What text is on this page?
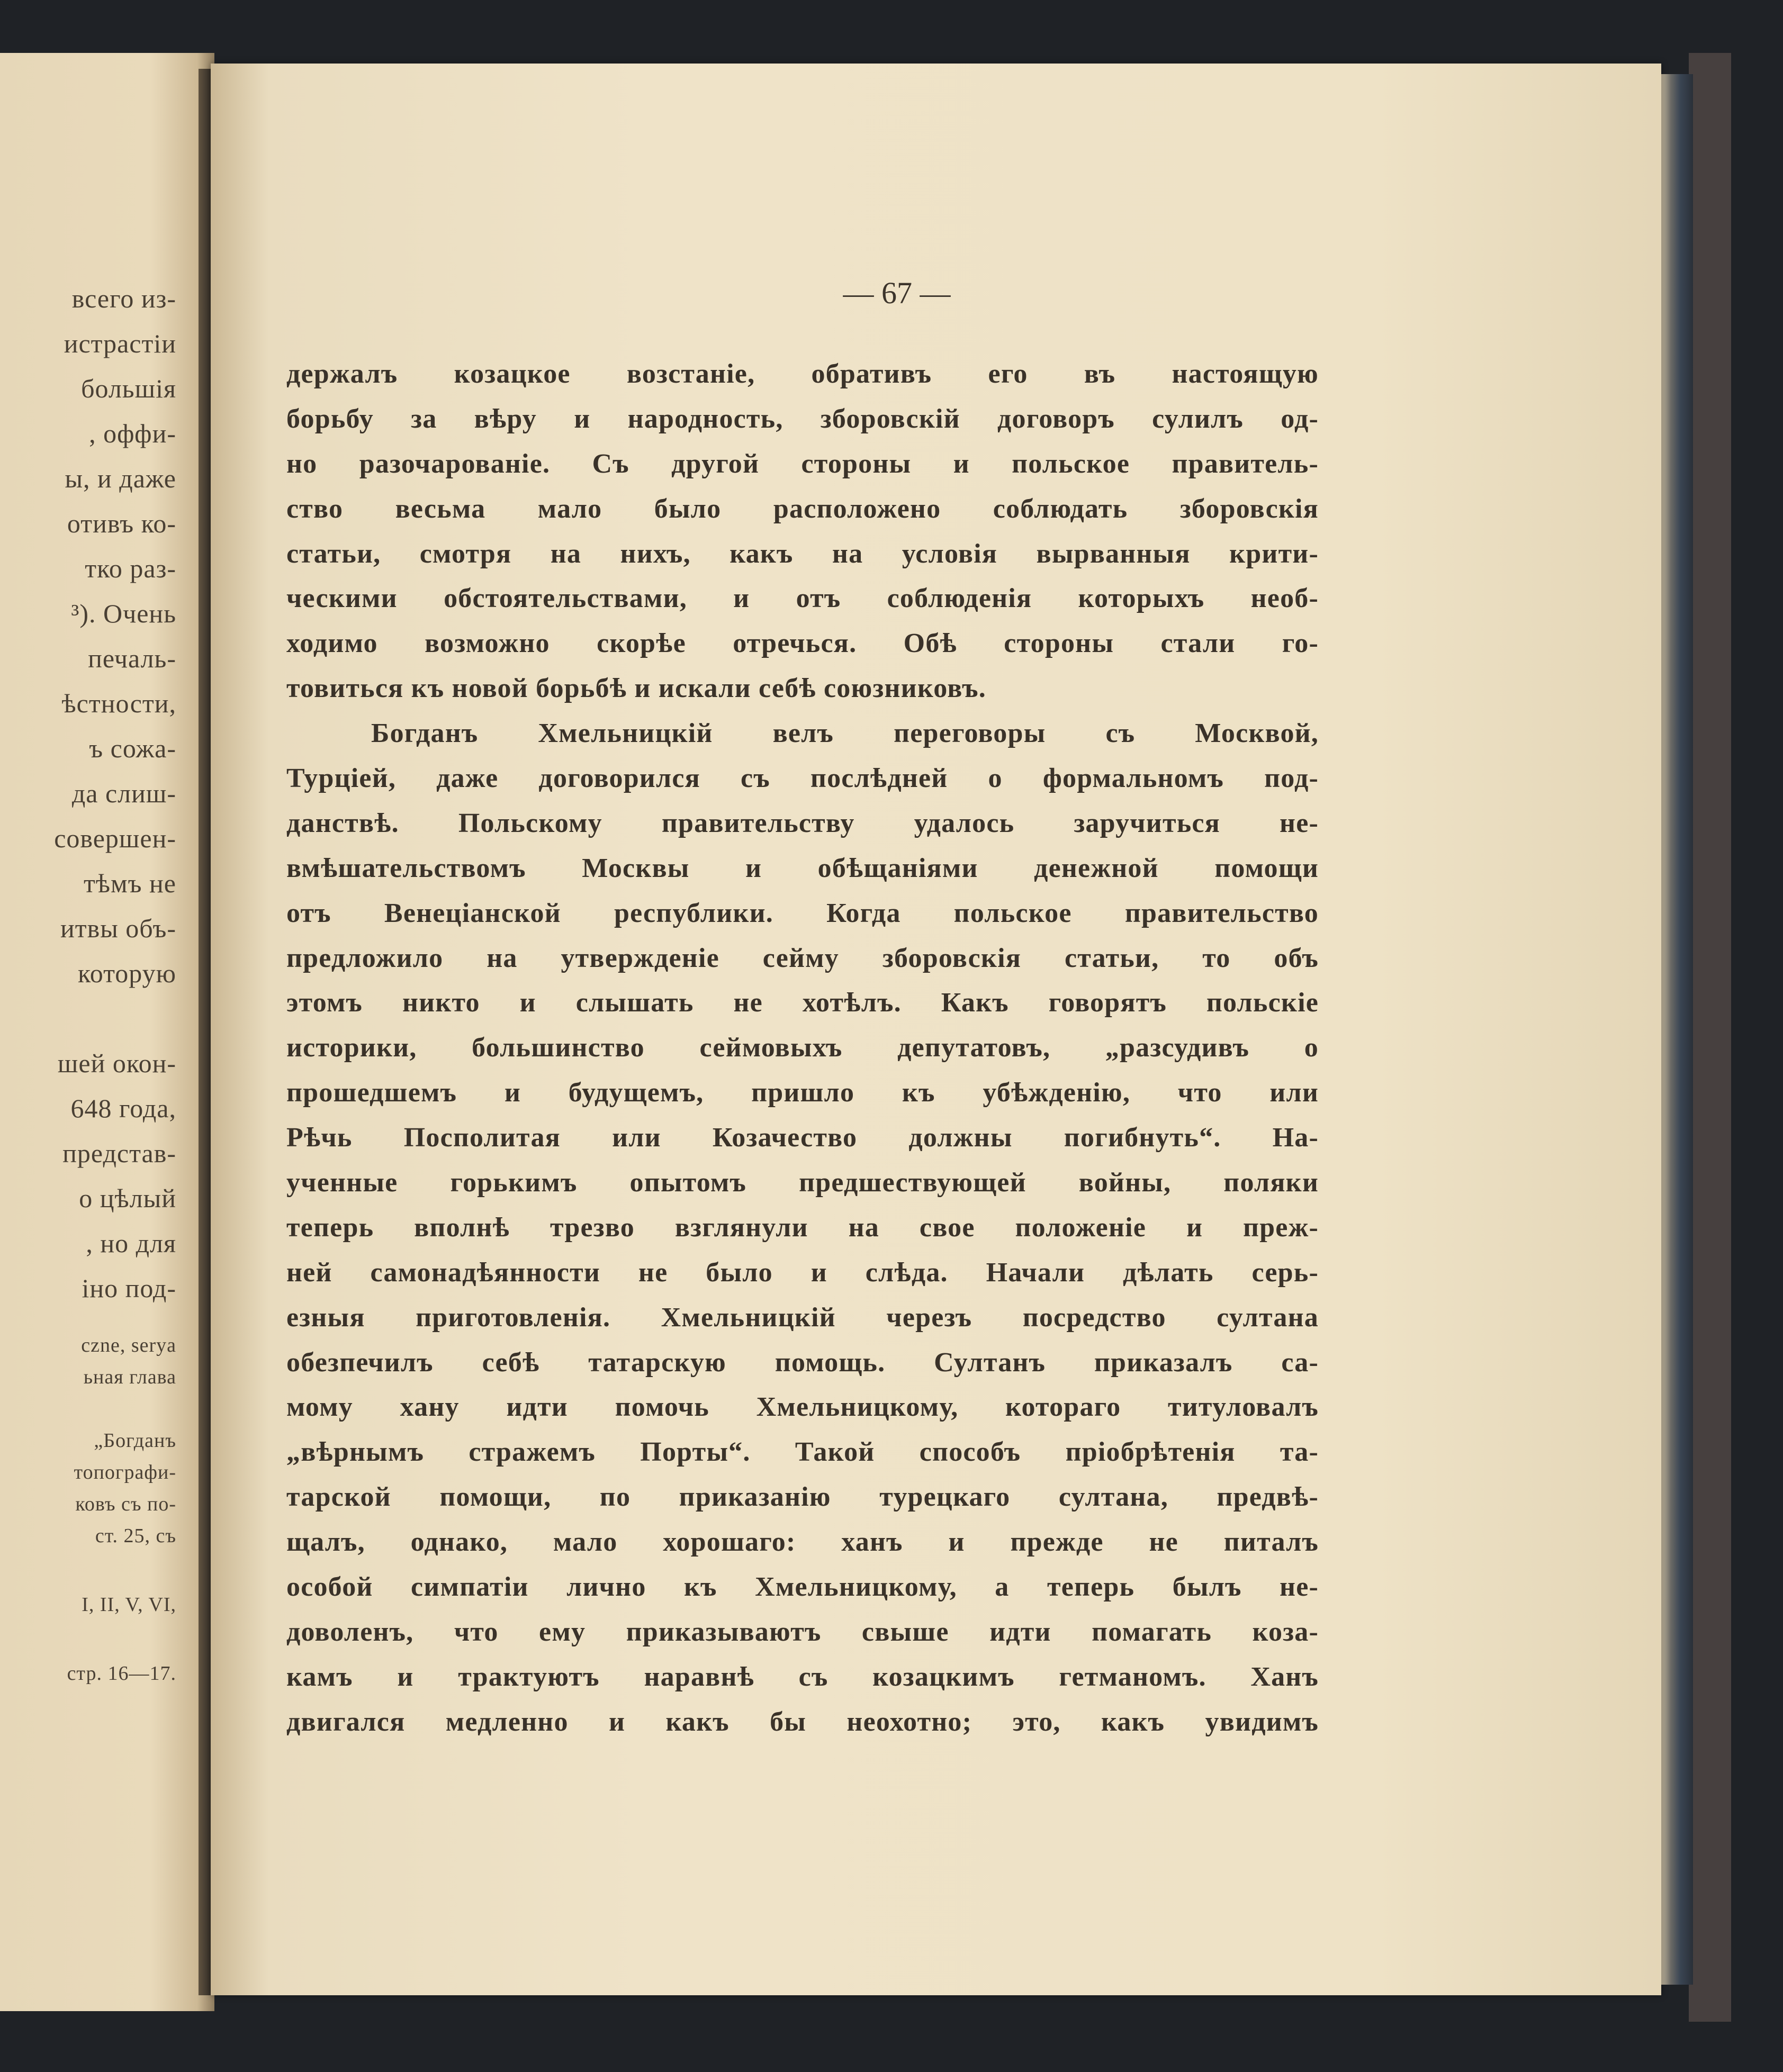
всего из-
истрастіи
большія
, оффи-
ы, и даже
отивъ ко-
тко раз-
³). Очень
печаль-
ѣстности,
ъ сожа-
да слиш-
совершен-
тѣмъ не
итвы объ-
которую
шей окон-
648 года,
представ-
о цѣлый
, но для
іно под-
czne, serya
ьная глава
„Богданъ
топографи-
ковъ съ по-
ст. 25, съ
I, II, V, VI,
стр. 16—17.
— 67 —
держалъ козацкое возстаніе, обративъ его въ настоящую
борьбу за вѣру и народность, зборовскій договоръ сулилъ од-
но разочарованіе. Съ другой стороны и польское правитель-
ство весьма мало было расположено соблюдать зборовскія
статьи, смотря на нихъ, какъ на условія вырванныя крити-
ческими обстоятельствами, и отъ соблюденія которыхъ необ-
ходимо возможно скорѣе отречься. Обѣ стороны стали го-
товиться къ новой борьбѣ и искали себѣ союзниковъ.
Богданъ Хмельницкій велъ переговоры съ Москвой,
Турціей, даже договорился съ послѣдней о формальномъ под-
данствѣ. Польскому правительству удалось заручиться не-
вмѣшательствомъ Москвы и обѣщаніями денежной помощи
отъ Венеціанской республики. Когда польское правительство
предложило на утвержденіе сейму зборовскія статьи, то объ
этомъ никто и слышать не хотѣлъ. Какъ говорятъ польскіе
историки, большинство сеймовыхъ депутатовъ, „разсудивъ о
прошедшемъ и будущемъ, пришло къ убѣжденію, что или
Рѣчь Посполитая или Козачество должны погибнуть“. На-
ученные горькимъ опытомъ предшествующей войны, поляки
теперь вполнѣ трезво взглянули на свое положеніе и преж-
ней самонадѣянности не было и слѣда. Начали дѣлать серь-
езныя приготовленія. Хмельницкій черезъ посредство султана
обезпечилъ себѣ татарскую помощь. Султанъ приказалъ са-
мому хану идти помочь Хмельницкому, котораго титуловалъ
„вѣрнымъ стражемъ Порты“. Такой способъ пріобрѣтенія та-
тарской помощи, по приказанію турецкаго султана, предвѣ-
щалъ, однако, мало хорошаго: ханъ и прежде не питалъ
особой симпатіи лично къ Хмельницкому, а теперь былъ не-
доволенъ, что ему приказываютъ свыше идти помагать коза-
камъ и трактуютъ наравнѣ съ козацкимъ гетманомъ. Ханъ
двигался медленно и какъ бы неохотно; это, какъ увидимъ
